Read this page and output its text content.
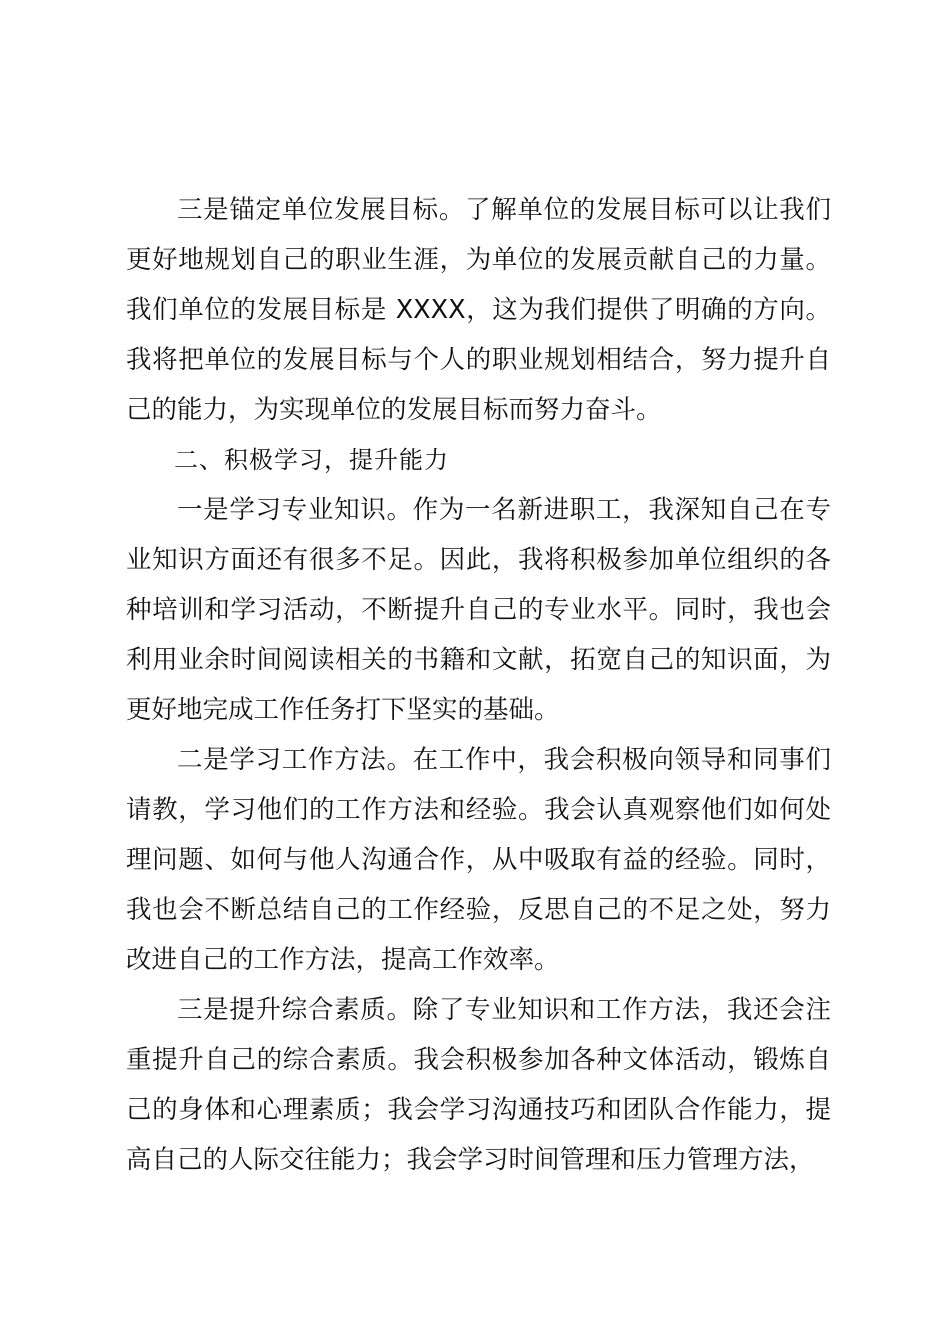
三是锚定单位发展目标。了解单位的发展目标可以让我们更好地规划自己的职业生涯，为单位的发展贡献自己的力量。我们单位的发展目标是 XXXX，这为我们提供了明确的方向。我将把单位的发展目标与个人的职业规划相结合，努力提升自己的能力，为实现单位的发展目标而努力奋斗。

二、积极学习，提升能力

一是学习专业知识。作为一名新进职工，我深知自己在专业知识方面还有很多不足。因此，我将积极参加单位组织的各种培训和学习活动，不断提升自己的专业水平。同时，我也会利用业余时间阅读相关的书籍和文献，拓宽自己的知识面，为更好地完成工作任务打下坚实的基础。

二是学习工作方法。在工作中，我会积极向领导和同事们请教，学习他们的工作方法和经验。我会认真观察他们如何处理问题、如何与他人沟通合作，从中吸取有益的经验。同时，我也会不断总结自己的工作经验，反思自己的不足之处，努力改进自己的工作方法，提高工作效率。

三是提升综合素质。除了专业知识和工作方法，我还会注重提升自己的综合素质。我会积极参加各种文体活动，锻炼自己的身体和心理素质；我会学习沟通技巧和团队合作能力，提高自己的人际交往能力；我会学习时间管理和压力管理方法，
